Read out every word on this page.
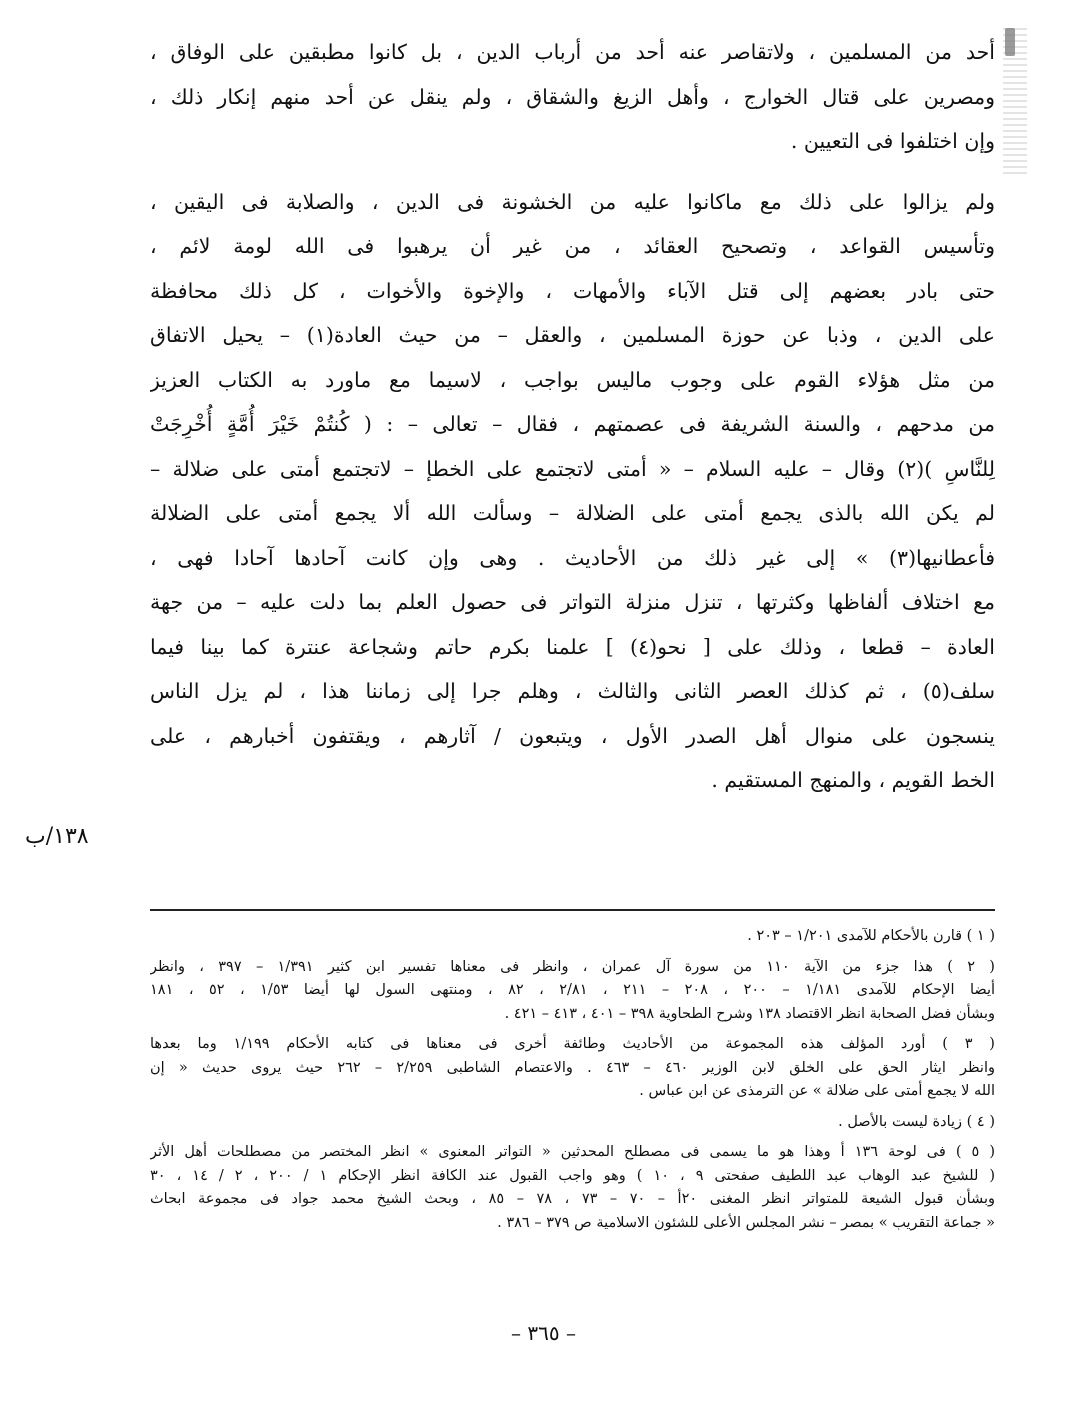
أحد من المسلمين ، ولاتقاصر عنه أحد من أرباب الدين ، بل كانوا مطبقين على الوفاق ،
ومصرين على قتال الخوارج ، وأهل الزيغ والشقاق ، ولم ينقل عن أحد منهم إنكار ذلك ،
وإن اختلفوا فى التعيين .
ولم يزالوا على ذلك مع ماكانوا عليه من الخشونة فى الدين ، والصلابة فى اليقين ،
وتأسيس القواعد ، وتصحيح العقائد ، من غير أن يرهبوا فى الله لومة لائم ،
حتى بادر بعضهم إلى قتل الآباء والأمهات ، والإخوة والأخوات ، كل ذلك محافظة
على الدين ، وذبا عن حوزة المسلمين ، والعقل – من حيث العادة(١) – يحيل الاتفاق
من مثل هؤلاء القوم على وجوب ماليس بواجب ، لاسيما مع ماورد به الكتاب العزيز
من مدحهم ، والسنة الشريفة فى عصمتهم ، فقال – تعالى – : ( كُنتُمْ خَيْرَ أُمَّةٍ أُخْرِجَتْ
لِلنَّاسِ )(٢) وقال – عليه السلام – « أمتى لاتجتمع على الخطإ – لاتجتمع أمتى على ضلالة –
لم يكن الله بالذى يجمع أمتى على الضلالة – وسألت الله ألا يجمع أمتى على الضلالة
فأعطانيها(٣) » إلى غير ذلك من الأحاديث . وهى وإن كانت آحادها آحادا فهى ،
مع اختلاف ألفاظها وكثرتها ، تنزل منزلة التواتر فى حصول العلم بما دلت عليه – من جهة
العادة – قطعا ، وذلك على [ نحو(٤) ] علمنا بكرم حاتم وشجاعة عنترة كما بينا فيما
سلف(٥) ، ثم كذلك العصر الثانى والثالث ، وهلم جرا إلى زماننا هذا ، لم يزل الناس
ينسجون على منوال أهل الصدر الأول ، ويتبعون / آثارهم ، ويقتفون أخبارهم ، على
الخط القويم ، والمنهج المستقيم .
١٣٨/ب
( ١ ) قارن بالأحكام للآمدى ١/٢٠١ – ٢٠٣ .
( ٢ ) هذا جزء من الآية ١١٠ من سورة آل عمران ، وانظر فى معناها تفسير ابن كثير ١/٣٩١ – ٣٩٧ ، وانظر
أيضا الإحكام للآمدى ١/١٨١ – ٢٠٠ ، ٢٠٨ – ٢١١ ، ٢/٨١ ، ٨٢ ، ومنتهى السول لها أيضا ١/٥٣ ، ٥٢ ، ١٨١
وبشأن فضل الصحابة انظر الاقتصاد ١٣٨ وشرح الطحاوية ٣٩٨ – ٤٠١ ، ٤١٣ – ٤٢١ .
( ٣ ) أورد المؤلف هذه المجموعة من الأحاديث وطائفة أخرى فى معناها فى كتابه الأحكام ١/١٩٩ وما بعدها
وانظر ايثار الحق على الخلق لابن الوزير ٤٦٠ – ٤٦٣ . والاعتصام الشاطبى ٢/٢٥٩ – ٢٦٢ حيث يروى حديث « إن
الله لا يجمع أمتى على ضلالة » عن الترمذى عن ابن عباس .
( ٤ ) زيادة ليست بالأصل .
( ٥ ) فى لوحة ١٣٦ أ وهذا هو ما يسمى فى مصطلح المحدثين « التواتر المعنوى » انظر المختصر من مصطلحات أهل الأثر
( للشيخ عبد الوهاب عبد اللطيف صفحتى ٩ ، ١٠ ) وهو واجب القبول عند الكافة انظر الإحكام ١ / ٢٠٠ ، ٢ / ١٤ ، ٣٠
وبشأن قبول الشيعة للمتواتر انظر المغنى ٢٠أ – ٧٠ – ٧٣ ، ٧٨ – ٨٥ ، وبحث الشيخ محمد جواد فى مجموعة ابحاث
« جماعة التقريب » بمصر – نشر المجلس الأعلى للشئون الاسلامية ص ٣٧٩ – ٣٨٦ .
– ٣٦٥ –
